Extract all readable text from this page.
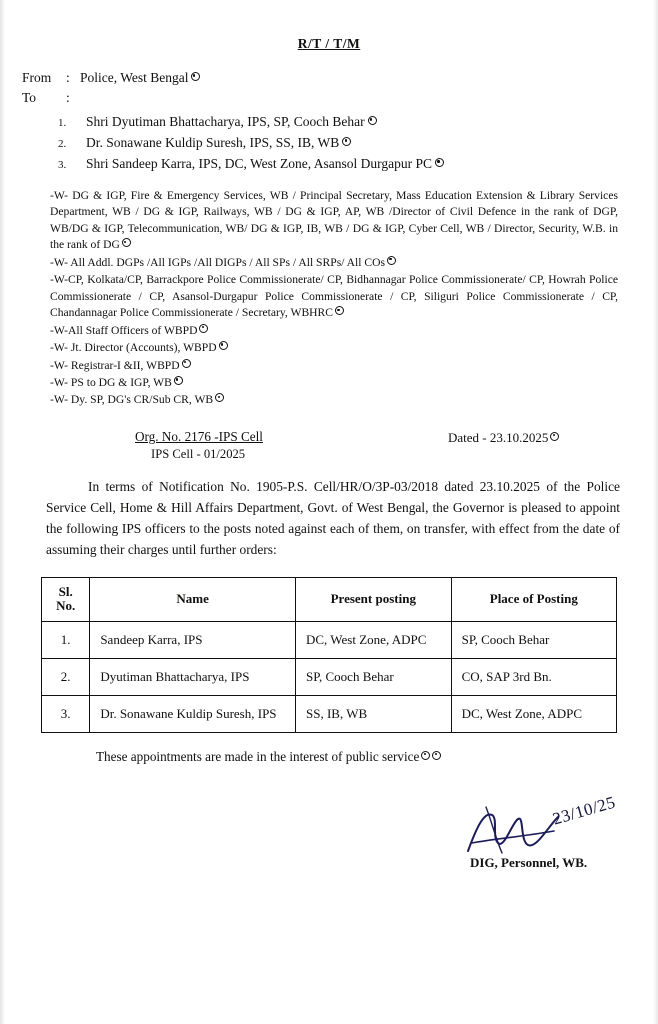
R/T / T/M
From	: Police, West Bengal
To	:
1.	Shri Dyutiman Bhattacharya, IPS, SP, Cooch Behar
2.	Dr. Sonawane Kuldip Suresh, IPS, SS, IB, WB
3.	Shri Sandeep Karra, IPS, DC, West Zone, Asansol Durgapur PC

-W- DG & IGP, Fire & Emergency Services, WB / Principal Secretary, Mass Education Extension & Library Services Department, WB / DG & IGP, Railways, WB / DG & IGP, AP, WB /Director of Civil Defence in the rank of DGP, WB/DG & IGP, Telecommunication, WB/ DG & IGP, IB, WB / DG & IGP, Cyber Cell, WB / Director, Security, W.B. in the rank of DG

-W- All Addl. DGPs /All IGPs /All DIGPs / All SPs / All SRPs/ All COs

-W-CP, Kolkata/CP, Barrackpore Police Commissionerate/ CP, Bidhannagar Police Commissionerate/ CP, Howrah Police Commissionerate / CP, Asansol-Durgapur Police Commissionerate / CP, Siliguri Police Commissionerate / CP, Chandannagar Police Commissionerate / Secretary, WBHRC

-W-All Staff Officers of WBPD

-W- Jt. Director (Accounts), WBPD

-W- Registrar-I &II, WBPD

-W- PS to DG & IGP, WB

-W- Dy. SP, DG's CR/Sub CR, WB

Org. No. 2176 -IPS Cell
IPS Cell - 01/2025
Dated - 23.10.2025
In terms of Notification No. 1905-P.S. Cell/HR/O/3P-03/2018 dated 23.10.2025 of the Police Service Cell, Home & Hill Affairs Department, Govt. of West Bengal, the Governor is pleased to appoint the following IPS officers to the posts noted against each of them, on transfer, with effect from the date of assuming their charges until further orders:
Sl.
No.	Name	Present posting	Place of Posting
1.	Sandeep Karra, IPS	DC, West Zone, ADPC	SP, Cooch Behar
2.	Dyutiman Bhattacharya, IPS	SP, Cooch Behar	CO, SAP 3rd Bn.
3.	Dr. Sonawane Kuldip Suresh, IPS	SS, IB, WB	DC, West Zone, ADPC
These appointments are made in the interest of public service
23/10/25
DIG, Personnel, WB.
